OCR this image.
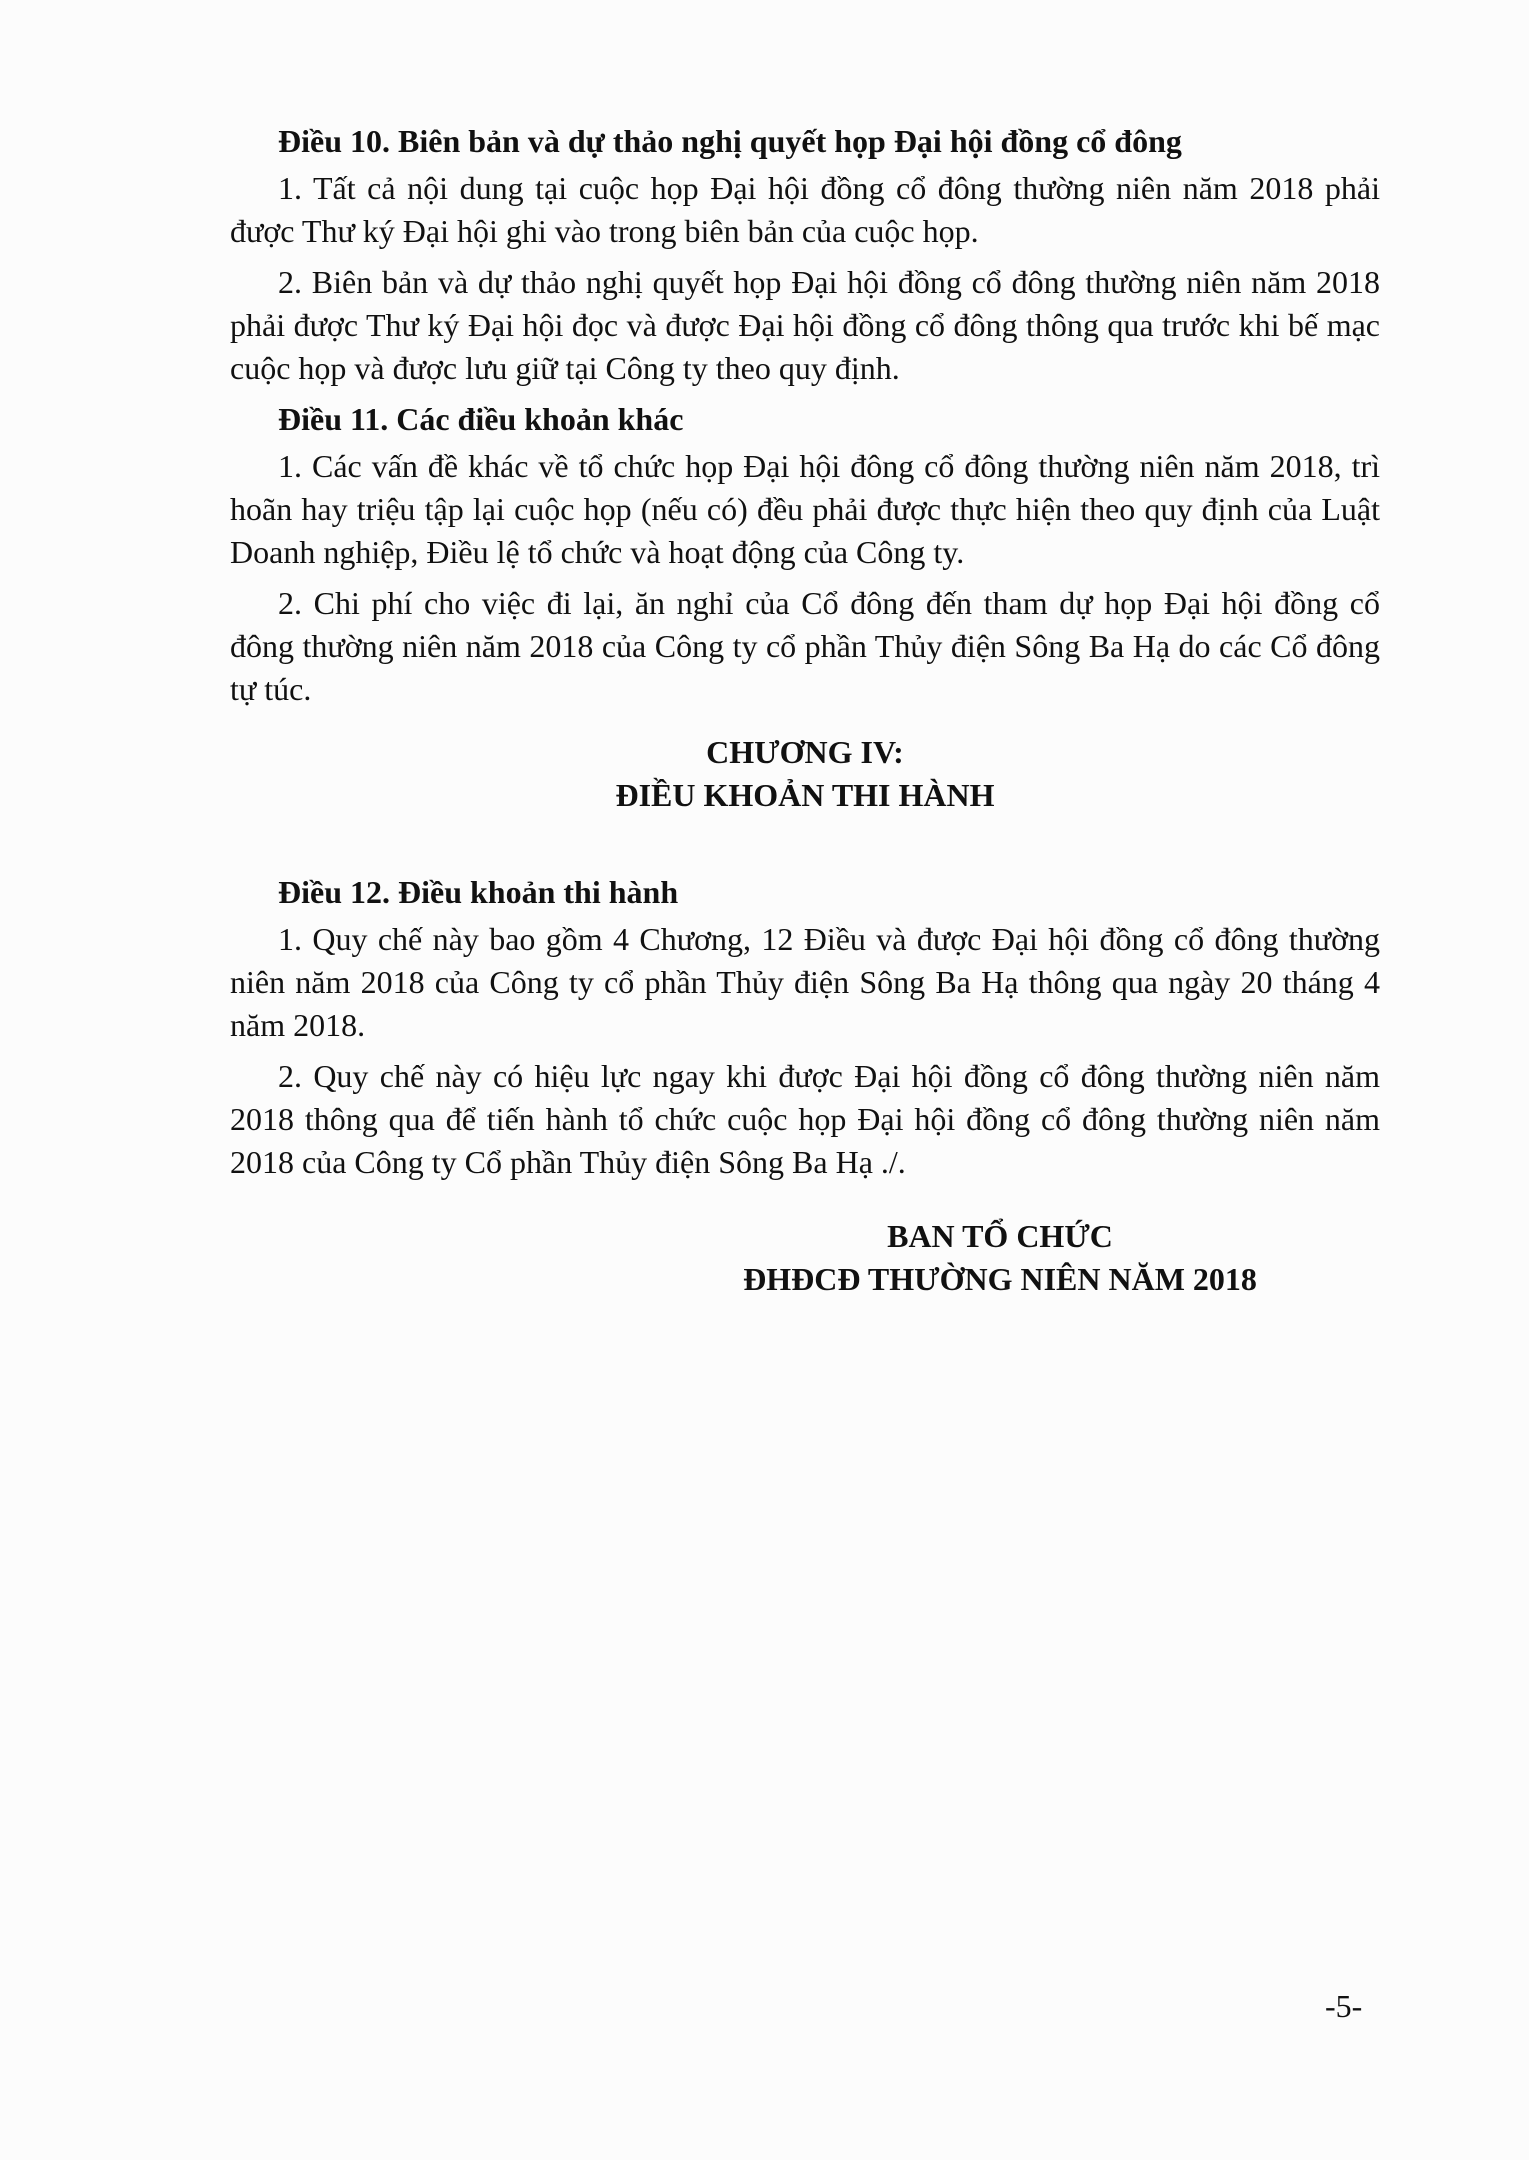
Điều 10. Biên bản và dự thảo nghị quyết họp Đại hội đồng cổ đông

1. Tất cả nội dung tại cuộc họp Đại hội đồng cổ đông thường niên năm 2018 phải được Thư ký Đại hội ghi vào trong biên bản của cuộc họp.

2. Biên bản và dự thảo nghị quyết họp Đại hội đồng cổ đông thường niên năm 2018 phải được Thư ký Đại hội đọc và được Đại hội đồng cổ đông thông qua trước khi bế mạc cuộc họp và được lưu giữ tại Công ty theo quy định.

Điều 11. Các điều khoản khác

1. Các vấn đề khác về tổ chức họp Đại hội đông cổ đông thường niên năm 2018, trì hoãn hay triệu tập lại cuộc họp (nếu có) đều phải được thực hiện theo quy định của Luật Doanh nghiệp, Điều lệ tổ chức và hoạt động của Công ty.

2. Chi phí cho việc đi lại, ăn nghỉ của Cổ đông đến tham dự họp Đại hội đồng cổ đông thường niên năm 2018 của Công ty cổ phần Thủy điện Sông Ba Hạ do các Cổ đông tự túc.

CHƯƠNG IV:

ĐIỀU KHOẢN THI HÀNH

Điều 12. Điều khoản thi hành

1. Quy chế này bao gồm 4 Chương, 12 Điều và được Đại hội đồng cổ đông thường niên năm 2018 của Công ty cổ phần Thủy điện Sông Ba Hạ thông qua ngày 20 tháng 4 năm 2018.

2. Quy chế này có hiệu lực ngay khi được Đại hội đồng cổ đông thường niên năm 2018 thông qua để tiến hành tổ chức cuộc họp Đại hội đồng cổ đông thường niên năm 2018 của Công ty Cổ phần Thủy điện Sông Ba Hạ ./.

BAN TỔ CHỨC
ĐHĐCĐ THƯỜNG NIÊN NĂM 2018
-5-
